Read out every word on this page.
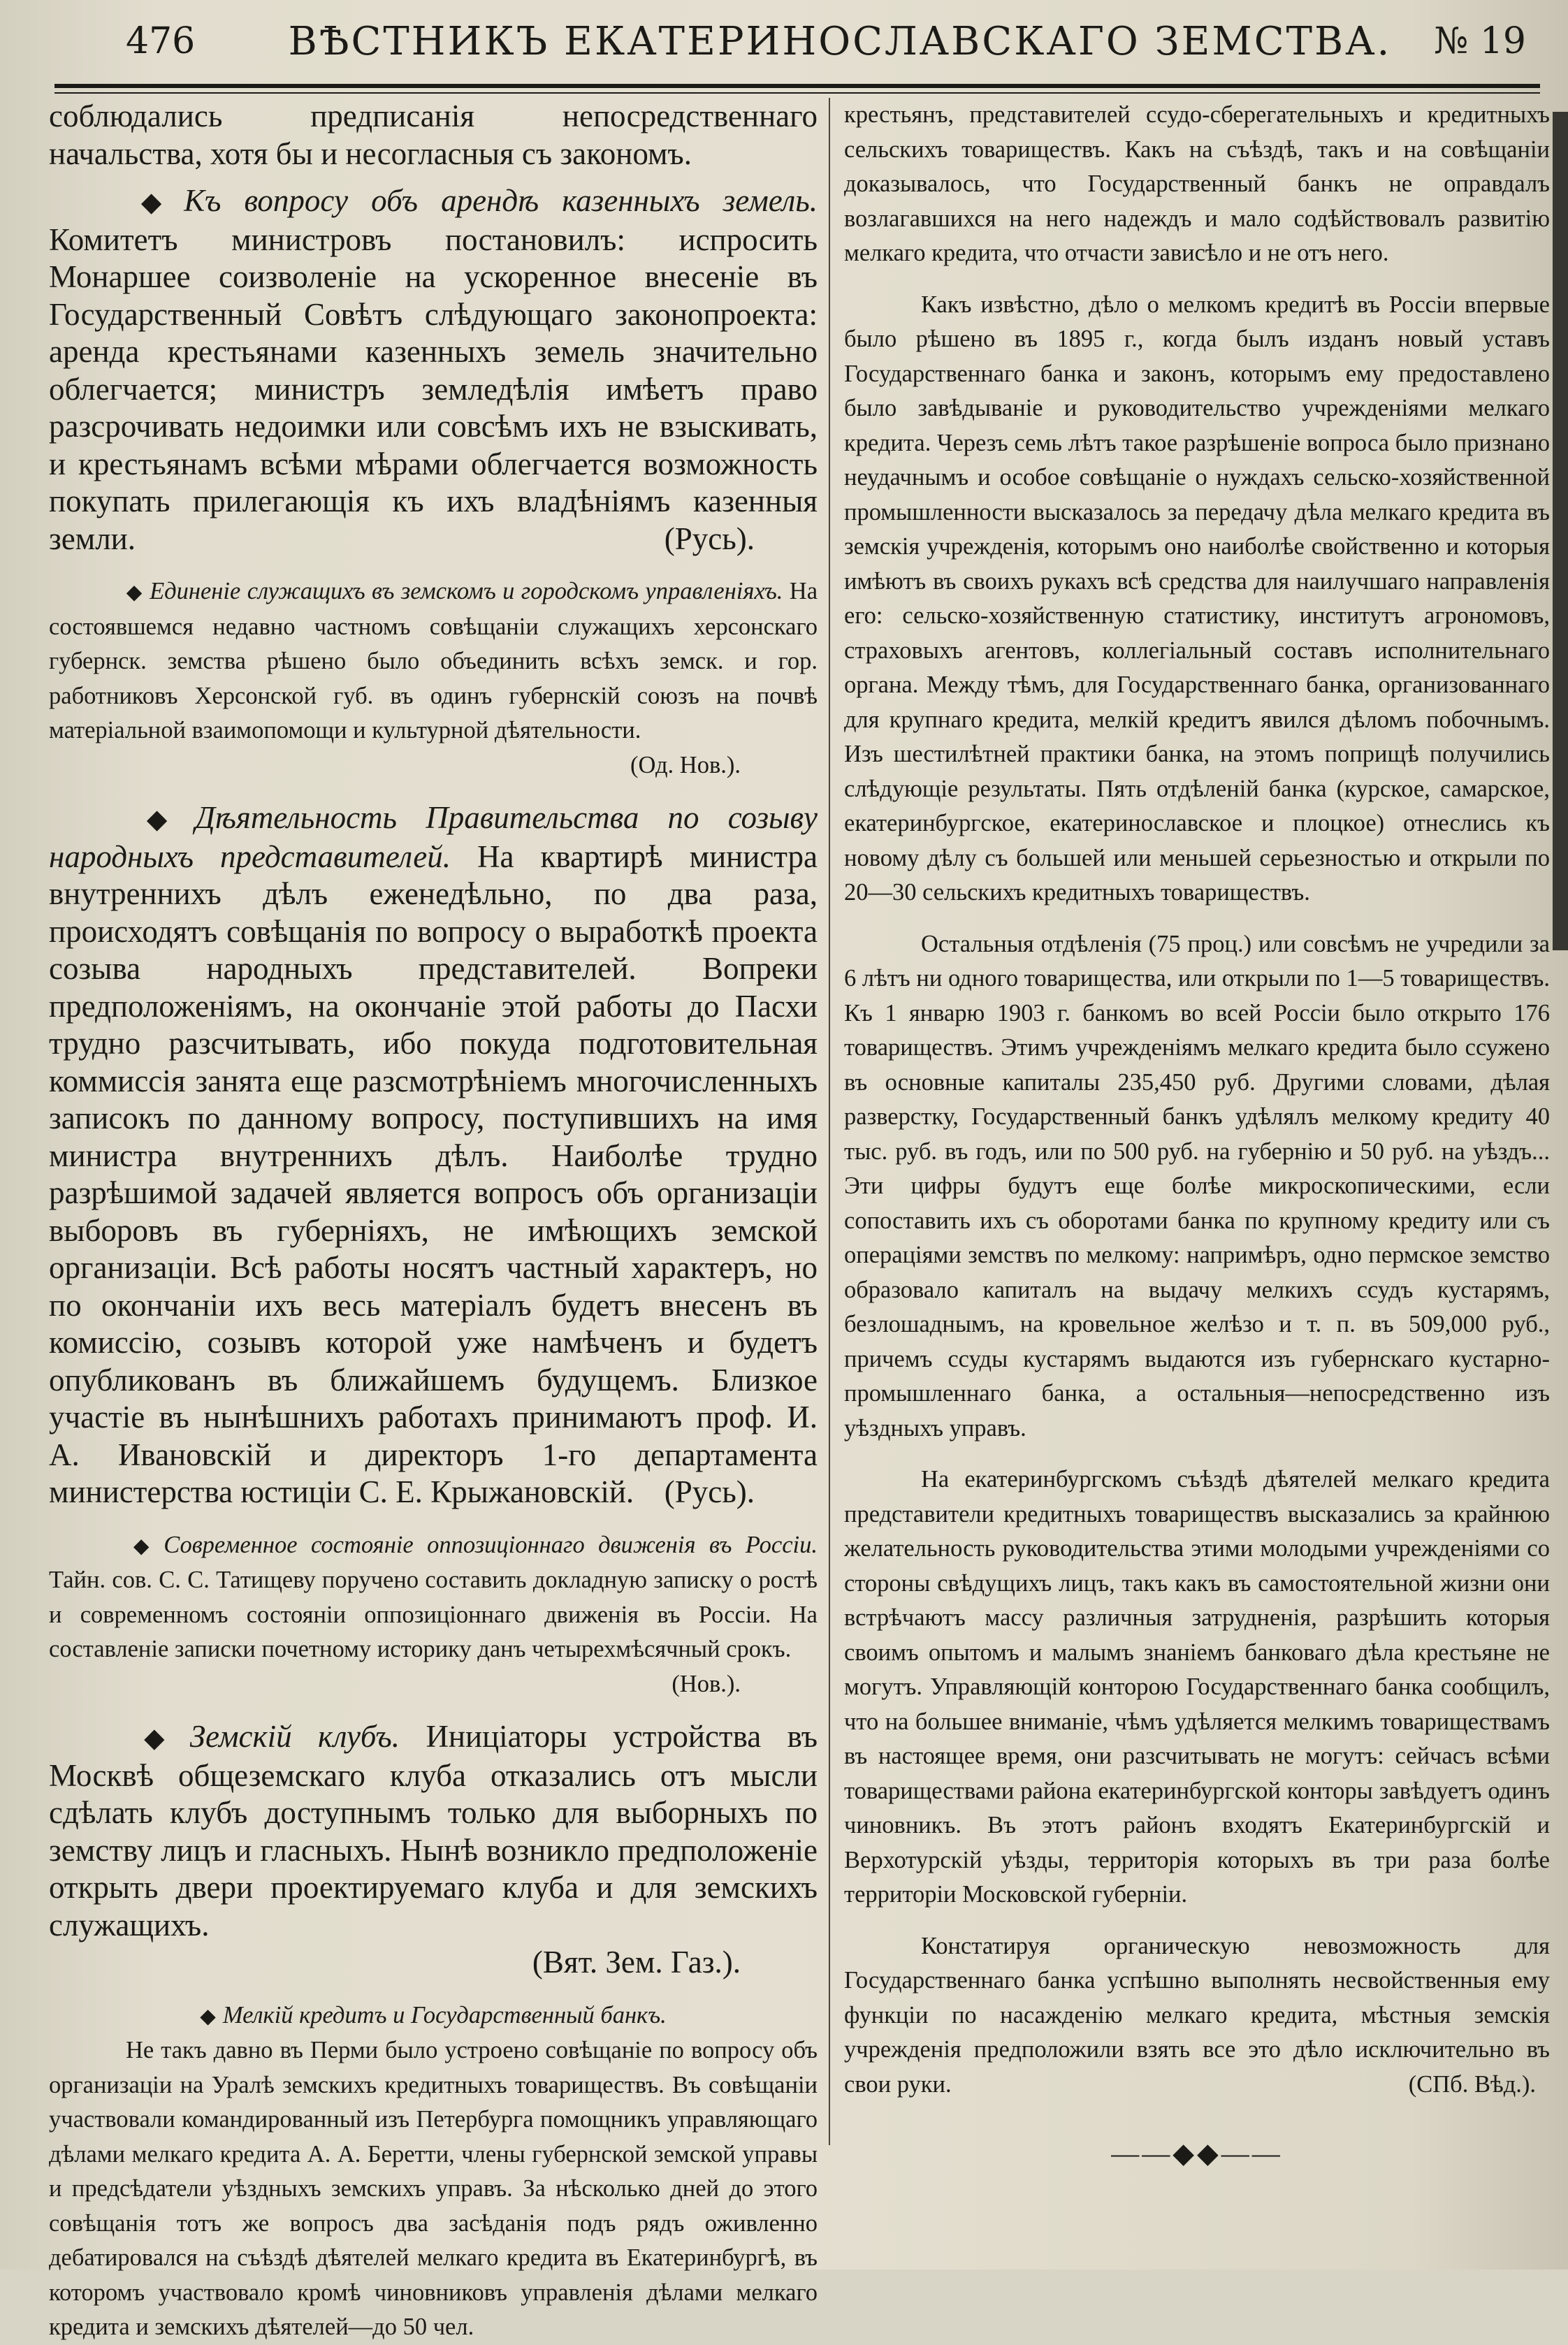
476	ВѢСТНИКЪ ЕКАТЕРИНОСЛАВСКАГО ЗЕМСТВА.	№ 19

соблюдались предписанія непосредственнаго начальства, хотя бы и несогласныя съ закономъ.

◆ Къ вопросу объ арендѣ казенныхъ земель. Комитетъ министровъ постановилъ: испросить Монаршее соизволеніе на ускоренное внесеніе въ Государственный Совѣтъ слѣдующаго законопроекта: аренда крестьянами казенныхъ земель значительно облегчается; министръ земледѣлія имѣетъ право разсрочивать недоимки или совсѣмъ ихъ не взыскивать, и крестьянамъ всѣми мѣрами облегчается возможность покупать прилегающія къ ихъ владѣніямъ казенныя земли.	(Русь).

◆ Единеніе служащихъ въ земскомъ и городскомъ управленіяхъ. На состоявшемся недавно частномъ совѣщаніи служащихъ херсонскаго губернск. земства рѣшено было объединить всѣхъ земск. и гор. работниковъ Херсонской губ. въ одинъ губернскій союзъ на почвѣ матеріальной взаимопомощи и культурной дѣятельности.

(Од. Нов.).

◆ Дѣятельность Правительства по созыву народныхъ представителей. На квартирѣ министра внутреннихъ дѣлъ еженедѣльно, по два раза, происходятъ совѣщанія по вопросу о выработкѣ проекта созыва народныхъ представителей. Вопреки предположеніямъ, на окончаніе этой работы до Пасхи трудно разсчитывать, ибо покуда подготовительная коммиссія занята еще разсмотрѣніемъ многочисленныхъ записокъ по данному вопросу, поступившихъ на имя министра внутреннихъ дѣлъ. Наиболѣе трудно разрѣшимой задачей является вопросъ объ организаціи выборовъ въ губерніяхъ, не имѣющихъ земской организаціи. Всѣ работы носятъ частный характеръ, но по окончаніи ихъ весь матеріалъ будетъ внесенъ въ комиссію, созывъ которой уже намѣченъ и будетъ опубликованъ въ ближайшемъ будущемъ. Близкое участіе въ нынѣшнихъ работахъ принимаютъ проф. И. А. Ивановскій и директоръ 1-го департамента министерства юстиціи С. Е. Крыжановскій. (Русь).

◆ Современное состояніе оппозиціоннаго движенія въ Россіи. Тайн. сов. С. С. Татищеву поручено составить докладную записку о ростѣ и современномъ состояніи оппозиціоннаго движенія въ Россіи. На составленіе записки почетному историку данъ четырехмѣсячный срокъ.

(Нов.).

◆ Земскій клубъ. Иниціаторы устройства въ Москвѣ общеземскаго клуба отказались отъ мысли сдѣлать клубъ доступнымъ только для выборныхъ по земству лицъ и гласныхъ. Нынѣ возникло предположеніе открыть двери проектируемаго клуба и для земскихъ служащихъ.

(Вят. Зем. Газ.).

◆ Мелкій кредитъ и Государственный банкъ.

Не такъ давно въ Перми было устроено совѣщаніе по вопросу объ организаціи на Уралѣ земскихъ кредитныхъ товариществъ. Въ совѣщаніи участвовали командированный изъ Петербурга помощникъ управляющаго дѣлами мелкаго кредита А. А. Беретти, члены губернской земской управы и предсѣдатели уѣздныхъ земскихъ управъ. За нѣсколько дней до этого совѣщанія тотъ же вопросъ два засѣданія подъ рядъ оживленно дебатировался на съѣздѣ дѣятелей мелкаго кредита въ Екатеринбургѣ, въ которомъ участвовало кромѣ чиновниковъ управленія дѣлами мелкаго кредита и земскихъ дѣятелей—до 50 чел.

крестьянъ, представителей ссудо-сберегательныхъ и кредитныхъ сельскихъ товариществъ. Какъ на съѣздѣ, такъ и на совѣщаніи доказывалось, что Государственный банкъ не оправдалъ возлагавшихся на него надеждъ и мало содѣйствовалъ развитію мелкаго кредита, что отчасти зависѣло и не отъ него.

Какъ извѣстно, дѣло о мелкомъ кредитѣ въ Россіи впервые было рѣшено въ 1895 г., когда былъ изданъ новый уставъ Государственнаго банка и законъ, которымъ ему предоставлено было завѣдываніе и руководительство учрежденіями мелкаго кредита. Черезъ семь лѣтъ такое разрѣшеніе вопроса было признано неудачнымъ и особое совѣщаніе о нуждахъ сельско-хозяйственной промышленности высказалось за передачу дѣла мелкаго кредита въ земскія учрежденія, которымъ оно наиболѣе свойственно и которыя имѣютъ въ своихъ рукахъ всѣ средства для наилучшаго направленія его: сельско-хозяйственную статистику, институтъ агрономовъ, страховыхъ агентовъ, коллегіальный составъ исполнительнаго органа. Между тѣмъ, для Государственнаго банка, организованнаго для крупнаго кредита, мелкій кредитъ явился дѣломъ побочнымъ. Изъ шестилѣтней практики банка, на этомъ поприщѣ получились слѣдующіе результаты. Пять отдѣленій банка (курское, самарское, екатеринбургское, екатеринославское и плоцкое) отнеслись къ новому дѣлу съ большей или меньшей серьезностью и открыли по 20—30 сельскихъ кредитныхъ товариществъ.

Остальныя отдѣленія (75 проц.) или совсѣмъ не учредили за 6 лѣтъ ни одного товарищества, или открыли по 1—5 товариществъ. Къ 1 январю 1903 г. банкомъ во всей Россіи было открыто 176 товариществъ. Этимъ учрежденіямъ мелкаго кредита было ссужено въ основные капиталы 235,450 руб. Другими словами, дѣлая разверстку, Государственный банкъ удѣлялъ мелкому кредиту 40 тыс. руб. въ годъ, или по 500 руб. на губернію и 50 руб. на уѣздъ... Эти цифры будутъ еще болѣе микроскопическими, если сопоставить ихъ съ оборотами банка по крупному кредиту или съ операціями земствъ по мелкому: напримѣръ, одно пермское земство образовало капиталъ на выдачу мелкихъ ссудъ кустарямъ, безлошаднымъ, на кровельное желѣзо и т. п. въ 509,000 руб., причемъ ссуды кустарямъ выдаются изъ губернскаго кустарно-промышленнаго банка, а остальныя—непосредственно изъ уѣздныхъ управъ.

На екатеринбургскомъ съѣздѣ дѣятелей мелкаго кредита представители кредитныхъ товариществъ высказались за крайнюю желательность руководительства этими молодыми учрежденіями со стороны свѣдущихъ лицъ, такъ какъ въ самостоятельной жизни они встрѣчаютъ массу различныя затрудненія, разрѣшить которыя своимъ опытомъ и малымъ знаніемъ банковаго дѣла крестьяне не могутъ. Управляющій конторою Государственнаго банка сообщилъ, что на большее вниманіе, чѣмъ удѣляется мелкимъ товариществамъ въ настоящее время, они разсчитывать не могутъ: сейчасъ всѣми товариществами района екатеринбургской конторы завѣдуетъ одинъ чиновникъ. Въ этотъ районъ входятъ Екатеринбургскій и Верхотурскій уѣзды, территорія которыхъ въ три раза болѣе территоріи Московской губерніи.

Констатируя органическую невозможность для Государственнаго банка успѣшно выполнять несвойственныя ему функціи по насажденію мелкаго кредита, мѣстныя земскія учрежденія предположили взять все это дѣло исключительно въ свои руки.	(СПб. Вѣд.).

——◆◆——
